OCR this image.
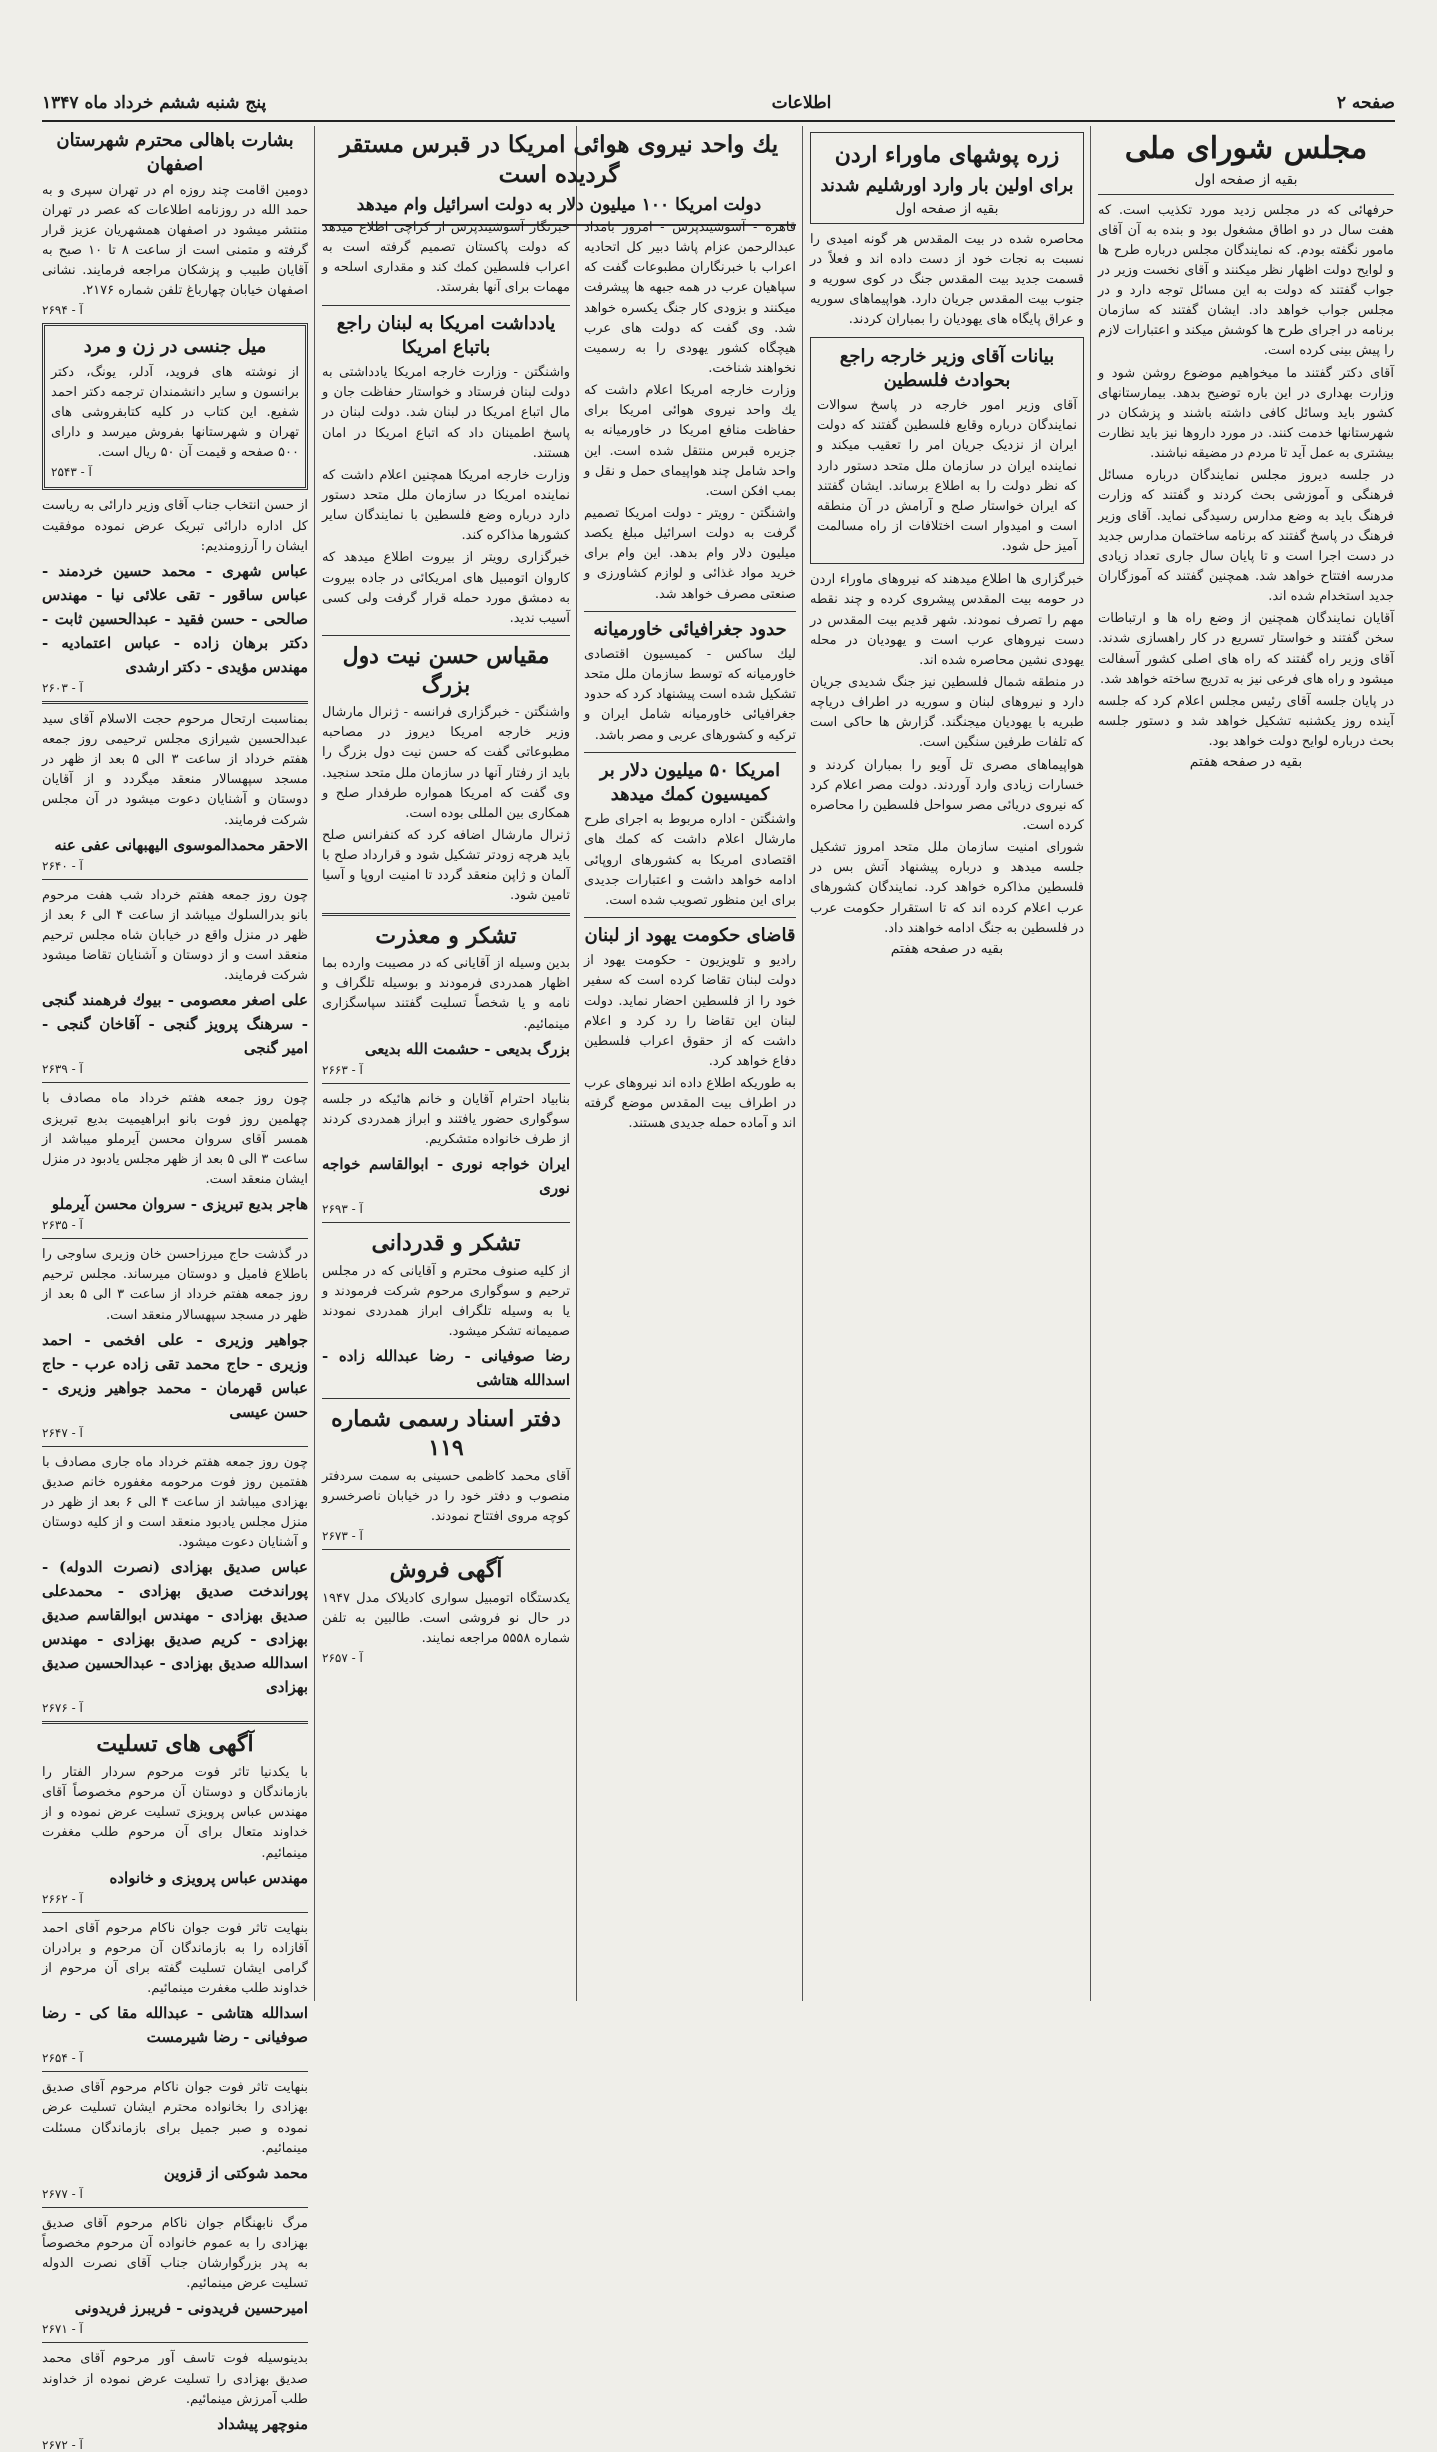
صفحه ۲
اطلاعات
پنج شنبه ششم خرداد ماه ۱۳۴۷
بشارت باهالی محترم شهرستان اصفهان
دومین اقامت چند روزه ام در تهران سپری و به حمد الله در روزنامه اطلاعات که عصر در تهران منتشر میشود در اصفهان همشهریان عزیز قرار گرفته و متمنی است از ساعت ۸ تا ۱۰ صبح به آقایان طبیب و پزشکان مراجعه فرمایند. نشانی اصفهان خیابان چهارباغ تلفن شماره ۲۱۷۶.
آ - ۲۶۹۴
میل جنسی در زن و مرد
از نوشته های فروید، آدلر، یونگ، دکتر برانسون و سایر دانشمندان ترجمه دکتر احمد شفیع. این کتاب در کلیه کتابفروشی های تهران و شهرستانها بفروش میرسد و دارای ۵۰۰ صفحه و قیمت آن ۵۰ ریال است.
آ - ۲۵۴۳
از حسن انتخاب جناب آقای وزیر دارائی به ریاست کل اداره دارائی تبریک عرض نموده موفقیت ایشان را آرزومندیم:
عباس شهری - محمد حسین خردمند - عباس ساقور - تقی علائی نیا - مهندس صالحی - حسن فقید - عبدالحسین ثابت - دکتر برهان زاده - عباس اعتمادیه - مهندس مؤیدی - دکتر ارشدی
آ - ۲۶۰۳
بمناسبت ارتحال مرحوم حجت الاسلام آقای سید عبدالحسین شیرازی مجلس ترحیمی روز جمعه هفتم خرداد از ساعت ۳ الی ۵ بعد از ظهر در مسجد سپهسالار منعقد میگردد و از آقایان دوستان و آشنایان دعوت میشود در آن مجلس شرکت فرمایند.
الاحقر محمدالموسوی الیهبهانی عفی عنه
آ - ۲۶۴۰
چون روز جمعه هفتم خرداد شب هفت مرحوم بانو بدرالسلوك میباشد از ساعت ۴ الی ۶ بعد از ظهر در منزل واقع در خیابان شاه مجلس ترحیم منعقد است و از دوستان و آشنایان تقاضا میشود شرکت فرمایند.
علی اصغر معصومی - بیوك فرهمند گنجی - سرهنگ پرویز گنجی - آقاخان گنجی - امیر گنجی
آ - ۲۶۳۹
چون روز جمعه هفتم خرداد ماه مصادف با چهلمین روز فوت بانو ابراهیمیت بدیع تبریزی همسر آقای سروان محسن آیرملو میباشد از ساعت ۳ الی ۵ بعد از ظهر مجلس یادبود در منزل ایشان منعقد است.
هاجر بدیع تبریزی - سروان محسن آیرملو
آ - ۲۶۳۵
در گذشت حاج میرزاحسن خان وزیری ساوجی را باطلاع فامیل و دوستان میرساند. مجلس ترحیم روز جمعه هفتم خرداد از ساعت ۳ الی ۵ بعد از ظهر در مسجد سپهسالار منعقد است.
جواهیر وزیری - علی افخمی - احمد وزیری - حاج محمد تقی زاده عرب - حاج عباس قهرمان - محمد جواهیر وزیری - حسن عیسی
آ - ۲۶۴۷
چون روز جمعه هفتم خرداد ماه جاری مصادف با هفتمین روز فوت مرحومه مغفوره خانم صدیق بهزادی میباشد از ساعت ۴ الی ۶ بعد از ظهر در منزل مجلس یادبود منعقد است و از کلیه دوستان و آشنایان دعوت میشود.
عباس صدیق بهزادی (نصرت الدوله) - پوراندخت صدیق بهزادی - محمدعلی صدیق بهزادی - مهندس ابوالقاسم صدیق بهزادی - کریم صدیق بهزادی - مهندس اسدالله صدیق بهزادی - عبدالحسین صدیق بهزادی
آ - ۲۶۷۶
آگهی های تسلیت
با یکدنیا تاثر فوت مرحوم سردار الفتار را بازماندگان و دوستان آن مرحوم مخصوصاً آقای مهندس عباس پرویزی تسلیت عرض نموده و از خداوند متعال برای آن مرحوم طلب مغفرت مینمائیم.
مهندس عباس پرویزی و خانواده
آ - ۲۶۶۲
بنهایت تاثر فوت جوان ناکام مرحوم آقای احمد آقازاده را به بازماندگان آن مرحوم و برادران گرامی ایشان تسلیت گفته برای آن مرحوم از خداوند طلب مغفرت مینمائیم.
اسدالله هتاشی - عبدالله مقا کی - رضا صوفیانی - رضا شیرمست
آ - ۲۶۵۴
بنهایت تاثر فوت جوان ناکام مرحوم آقای صدیق بهزادی را بخانواده محترم ایشان تسلیت عرض نموده و صبر جمیل برای بازماندگان مسئلت مینمائیم.
محمد شوکتی از قزوین
آ - ۲۶۷۷
مرگ نابهنگام جوان ناکام مرحوم آقای صدیق بهزادی را به عموم خانواده آن مرحوم مخصوصاً به پدر بزرگوارشان جناب آقای نصرت الدوله تسلیت عرض مینمائیم.
امیرحسین فریدونی - فریبرز فریدونی
آ - ۲۶۷۱
بدینوسیله فوت تاسف آور مرحوم آقای محمد صدیق بهزادی را تسلیت عرض نموده از خداوند طلب آمرزش مینمائیم.
منوچهر پیشداد
آ - ۲۶۷۲
یك واحد نیروی هوائی امریكا در قبرس مستقر گردیده است
دولت امریكا ۱۰۰ میلیون دلار به دولت اسرائیل وام میدهد
خبرنگار آسوشیتدپرس از کراچی اطلاع میدهد که دولت پاکستان تصمیم گرفته است به اعراب فلسطین کمك کند و مقداری اسلحه و مهمات برای آنها بفرستد.
یادداشت امریکا به لبنان راجع باتباع امریکا
واشنگتن - وزارت خارجه امریکا یادداشتی به دولت لبنان فرستاد و خواستار حفاظت جان و مال اتباع امریکا در لبنان شد. دولت لبنان در پاسخ اطمینان داد که اتباع امریکا در امان هستند.
وزارت خارجه امریکا همچنین اعلام داشت که نماینده امریکا در سازمان ملل متحد دستور دارد درباره وضع فلسطین با نمایندگان سایر کشورها مذاکره کند.
خبرگزاری رویتر از بیروت اطلاع میدهد که کاروان اتومبیل های امریکائی در جاده بیروت به دمشق مورد حمله قرار گرفت ولی کسی آسیب ندید.
مقیاس حسن نیت دول بزرگ
واشنگتن - خبرگزاری فرانسه - ژنرال مارشال وزیر خارجه امریکا دیروز در مصاحبه مطبوعاتی گفت که حسن نیت دول بزرگ را باید از رفتار آنها در سازمان ملل متحد سنجید. وی گفت که امریکا همواره طرفدار صلح و همکاری بین المللی بوده است.
ژنرال مارشال اضافه کرد که کنفرانس صلح باید هرچه زودتر تشکیل شود و قرارداد صلح با آلمان و ژاپن منعقد گردد تا امنیت اروپا و آسیا تامین شود.
تشکر و معذرت
بدین وسیله از آقایانی که در مصیبت وارده بما اظهار همدردی فرمودند و بوسیله تلگراف و نامه و یا شخصاً تسلیت گفتند سپاسگزاری مینمائیم.
بزرگ بدیعی - حشمت الله بدیعی
آ - ۲۶۶۳
بنابیاد احترام آقایان و خانم هائیکه در جلسه سوگواری حضور یافتند و ابراز همدردی کردند از طرف خانواده متشکریم.
ایران خواجه نوری - ابوالقاسم خواجه نوری
آ - ۲۶۹۳
تشکر و قدردانی
از کلیه صنوف محترم و آقایانی که در مجلس ترحیم و سوگواری مرحوم شرکت فرمودند و یا به وسیله تلگراف ابراز همدردی نمودند صمیمانه تشکر میشود.
رضا صوفیانی - رضا عبدالله زاده - اسدالله هتاشی
دفتر اسناد رسمی شماره ۱۱۹
آقای محمد کاظمی حسینی به سمت سردفتر منصوب و دفتر خود را در خیابان ناصرخسرو کوچه مروی افتتاح نمودند.
آ - ۲۶۷۳
آگهی فروش
یکدستگاه اتومبیل سواری کادیلاک مدل ۱۹۴۷ در حال نو فروشی است. طالبین به تلفن شماره ۵۵۵۸ مراجعه نمایند.
آ - ۲۶۵۷
قاهره - آسوشیتدپرس - امروز بامداد عبدالرحمن عزام پاشا دبیر کل اتحادیه اعراب با خبرنگاران مطبوعات گفت که سپاهیان عرب در همه جبهه ها پیشرفت میکنند و بزودی کار جنگ یکسره خواهد شد. وی گفت که دولت های عرب هیچگاه کشور یهودی را به رسمیت نخواهند شناخت.
وزارت خارجه امریکا اعلام داشت که یك واحد نیروی هوائی امریکا برای حفاظت منافع امریکا در خاورمیانه به جزیره قبرس منتقل شده است. این واحد شامل چند هواپیمای حمل و نقل و بمب افکن است.
واشنگتن - رویتر - دولت امریکا تصمیم گرفت به دولت اسرائیل مبلغ یکصد میلیون دلار وام بدهد. این وام برای خرید مواد غذائی و لوازم کشاورزی و صنعتی مصرف خواهد شد.
حدود جغرافیائی خاورمیانه
لیك ساكس - کمیسیون اقتصادی خاورمیانه که توسط سازمان ملل متحد تشکیل شده است پیشنهاد کرد که حدود جغرافیائی خاورمیانه شامل ایران و ترکیه و کشورهای عربی و مصر باشد.
امریکا ۵۰ میلیون دلار بر کمیسیون کمك میدهد
واشنگتن - اداره مربوط به اجرای طرح مارشال اعلام داشت که کمك های اقتصادی امریکا به کشورهای اروپائی ادامه خواهد داشت و اعتبارات جدیدی برای این منظور تصویب شده است.
قاضای حکومت یهود از لبنان
رادیو و تلویزیون - حکومت یهود از دولت لبنان تقاضا کرده است که سفیر خود را از فلسطین احضار نماید. دولت لبنان این تقاضا را رد کرد و اعلام داشت که از حقوق اعراب فلسطین دفاع خواهد کرد.
به طوریکه اطلاع داده اند نیروهای عرب در اطراف بیت المقدس موضع گرفته اند و آماده حمله جدیدی هستند.
زره پوشهای ماوراء اردن
برای اولین بار وارد اورشلیم شدند
بقیه از صفحه اول
محاصره شده در بیت المقدس هر گونه امیدی را نسبت به نجات خود از دست داده اند و فعلاً در قسمت جدید بیت المقدس جنگ در کوی سوریه و جنوب بیت المقدس جریان دارد. هواپیماهای سوریه و عراق پایگاه های یهودیان را بمباران کردند.
بیانات آقای وزیر خارجه راجع بحوادث فلسطین
آقای وزیر امور خارجه در پاسخ سوالات نمایندگان درباره وقایع فلسطین گفتند که دولت ایران از نزدیک جریان امر را تعقیب میکند و نماینده ایران در سازمان ملل متحد دستور دارد که نظر دولت را به اطلاع برساند. ایشان گفتند که ایران خواستار صلح و آرامش در آن منطقه است و امیدوار است اختلافات از راه مسالمت آمیز حل شود.
خبرگزاری ها اطلاع میدهند که نیروهای ماوراء اردن در حومه بیت المقدس پیشروی کرده و چند نقطه مهم را تصرف نمودند. شهر قدیم بیت المقدس در دست نیروهای عرب است و یهودیان در محله یهودی نشین محاصره شده اند.
در منطقه شمال فلسطین نیز جنگ شدیدی جریان دارد و نیروهای لبنان و سوریه در اطراف دریاچه طبریه با یهودیان میجنگند. گزارش ها حاکی است که تلفات طرفین سنگین است.
هواپیماهای مصری تل آویو را بمباران کردند و خسارات زیادی وارد آوردند. دولت مصر اعلام کرد که نیروی دریائی مصر سواحل فلسطین را محاصره کرده است.
شورای امنیت سازمان ملل متحد امروز تشکیل جلسه میدهد و درباره پیشنهاد آتش بس در فلسطین مذاکره خواهد کرد. نمایندگان کشورهای عرب اعلام کرده اند که تا استقرار حکومت عرب در فلسطین به جنگ ادامه خواهند داد.
بقیه در صفحه هفتم
مجلس شورای ملی
بقیه از صفحه اول
حرفهائی که در مجلس زدید مورد تکذیب است. که هفت سال در دو اطاق مشغول بود و بنده به آن آقای مامور نگفته بودم. که نمایندگان مجلس درباره طرح ها و لوایح دولت اظهار نظر میکنند و آقای نخست وزیر در جواب گفتند که دولت به این مسائل توجه دارد و در مجلس جواب خواهد داد. ایشان گفتند که سازمان برنامه در اجرای طرح ها کوشش میکند و اعتبارات لازم را پیش بینی کرده است.
آقای دکتر گفتند ما میخواهیم موضوع روشن شود و وزارت بهداری در این باره توضیح بدهد. بیمارستانهای کشور باید وسائل کافی داشته باشند و پزشکان در شهرستانها خدمت کنند. در مورد داروها نیز باید نظارت بیشتری به عمل آید تا مردم در مضیقه نباشند.
در جلسه دیروز مجلس نمایندگان درباره مسائل فرهنگی و آموزشی بحث کردند و گفتند که وزارت فرهنگ باید به وضع مدارس رسیدگی نماید. آقای وزیر فرهنگ در پاسخ گفتند که برنامه ساختمان مدارس جدید در دست اجرا است و تا پایان سال جاری تعداد زیادی مدرسه افتتاح خواهد شد. همچنین گفتند که آموزگاران جدید استخدام شده اند.
آقایان نمایندگان همچنین از وضع راه ها و ارتباطات سخن گفتند و خواستار تسریع در کار راهسازی شدند. آقای وزیر راه گفتند که راه های اصلی کشور آسفالت میشود و راه های فرعی نیز به تدریج ساخته خواهد شد.
در پایان جلسه آقای رئیس مجلس اعلام کرد که جلسه آینده روز یکشنبه تشکیل خواهد شد و دستور جلسه بحث درباره لوایح دولت خواهد بود.
بقیه در صفحه هفتم
